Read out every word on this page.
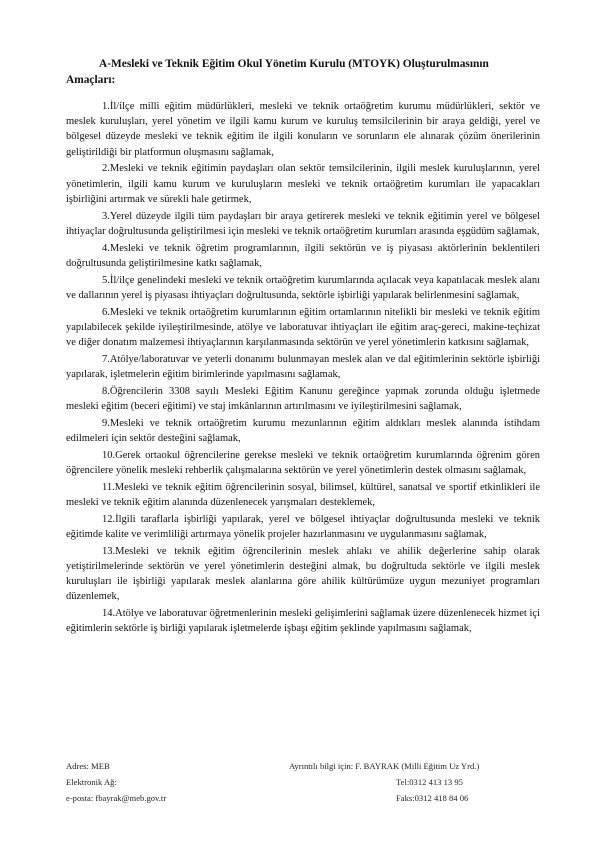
A-Mesleki ve Teknik Eğitim Okul Yönetim Kurulu (MTOYK) Oluşturulmasının
Amaçları:

1.İl/ilçe milli eğitim müdürlükleri, mesleki ve teknik ortaöğretim kurumu müdürlükleri, sektör ve meslek kuruluşları, yerel yönetim ve ilgili kamu kurum ve kuruluş temsilcilerinin bir araya geldiği, yerel ve bölgesel düzeyde mesleki ve teknik eğitim ile ilgili konuların ve sorunların ele alınarak çözüm önerilerinin geliştirildiği bir platformun oluşmasını sağlamak,

2.Mesleki ve teknik eğitimin paydaşları olan sektör temsilcilerinin, ilgili meslek kuruluşlarının, yerel yönetimlerin, ilgili kamu kurum ve kuruluşların mesleki ve teknik ortaöğretim kurumları ile yapacakları işbirliğini artırmak ve sürekli hale getirmek,

3.Yerel düzeyde ilgili tüm paydaşları bir araya getirerek mesleki ve teknik eğitimin yerel ve bölgesel ihtiyaçlar doğrultusunda geliştirilmesi için mesleki ve teknik ortaöğretim kurumları arasında eşgüdüm sağlamak,

4.Mesleki ve teknik öğretim programlarının, ilgili sektörün ve iş piyasası aktörlerinin beklentileri doğrultusunda geliştirilmesine katkı sağlamak,

5.İl/ilçe genelindeki mesleki ve teknik ortaöğretim kurumlarında açılacak veya kapatılacak meslek alanı ve dallarının yerel iş piyasası ihtiyaçları doğrultusunda, sektörle işbirliği yapılarak belirlenmesini sağlamak,

6.Mesleki ve teknik ortaöğretim kurumlarının eğitim ortamlarının nitelikli bir mesleki ve teknik eğitim yapılabilecek şekilde iyileştirilmesinde, atölye ve laboratuvar ihtiyaçları ile eğitim araç-gereci, makine-teçhizat ve diğer donatım malzemesi ihtiyaçlarının karşılanmasında sektörün ve yerel yönetimlerin katkısını sağlamak,

7.Atölye/laboratuvar ve yeterli donanımı bulunmayan meslek alan ve dal eğitimlerinin sektörle işbirliği yapılarak, işletmelerin eğitim birimlerinde yapılmasını sağlamak,

8.Öğrencilerin 3308 sayılı Mesleki Eğitim Kanunu gereğince yapmak zorunda olduğu işletmede mesleki eğitim (beceri eğitimi) ve staj imkânlarının artırılmasını ve iyileştirilmesini sağlamak,

9.Mesleki ve teknik ortaöğretim kurumu mezunlarının eğitim aldıkları meslek alanında istihdam edilmeleri için sektör desteğini sağlamak,

10.Gerek ortaokul öğrencilerine gerekse mesleki ve teknik ortaöğretim kurumlarında öğrenim gören öğrencilere yönelik mesleki rehberlik çalışmalarına sektörün ve yerel yönetimlerin destek olmasını sağlamak,

11.Mesleki ve teknik eğitim öğrencilerinin sosyal, bilimsel, kültürel, sanatsal ve sportif etkinlikleri ile mesleki ve teknik eğitim alanında düzenlenecek yarışmaları desteklemek,

12.İlgili taraflarla işbirliği yapılarak, yerel ve bölgesel ihtiyaçlar doğrultusunda mesleki ve teknik eğitimde kalite ve verimliliği artırmaya yönelik projeler hazırlanmasını ve uygulanmasını sağlamak,

13.Mesleki ve teknik eğitim öğrencilerinin meslek ahlakı ve ahilik değerlerine sahip olarak yetiştirilmelerinde sektörün ve yerel yönetimlerin desteğini almak, bu doğrultuda sektörle ve ilgili meslek kuruluşları ile işbirliği yapılarak meslek alanlarına göre ahilik kültürümüze uygun mezuniyet programları düzenlemek,

14.Atölye ve laboratuvar öğretmenlerinin mesleki gelişimlerini sağlamak üzere düzenlenecek hizmet içi eğitimlerin sektörle iş birliği yapılarak işletmelerde işbaşı eğitim şeklinde yapılmasını sağlamak,

Adres: MEB	Ayrıntılı bilgi için: F. BAYRAK (Milli Eğitim Uz Yrd.)
Elektronik Ağ:	Tel:0312 413 13 95
e-posta: fbayrak@meb.gov.tr	Faks:0312 418 84 06
